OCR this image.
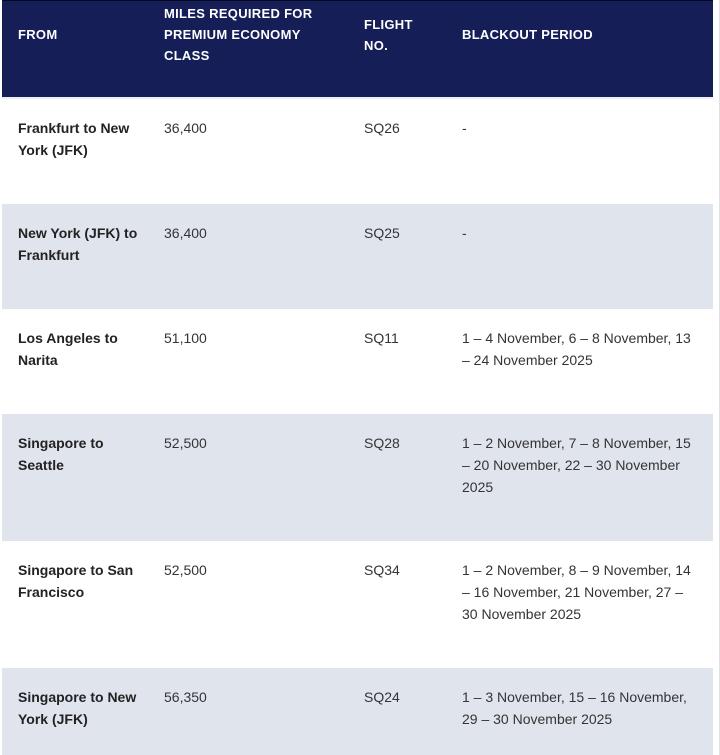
FROM	MILES REQUIRED FOR PREMIUM ECONOMY CLASS	FLIGHT NO.	BLACKOUT PERIOD
Frankfurt to New York (JFK)	36,400	SQ26	-
New York (JFK) to Frankfurt	36,400	SQ25	-
Los Angeles to Narita	51,100	SQ11	1 – 4 November, 6 – 8 November, 13 – 24 November 2025
Singapore to Seattle	52,500	SQ28	1 – 2 November, 7 – 8 November, 15 – 20 November, 22 – 30 November 2025
Singapore to San Francisco	52,500	SQ34	1 – 2 November, 8 – 9 November, 14 – 16 November, 21 November, 27 – 30 November 2025
Singapore to New York (JFK)	56,350	SQ24	1 – 3 November, 15 – 16 November, 29 – 30 November 2025
